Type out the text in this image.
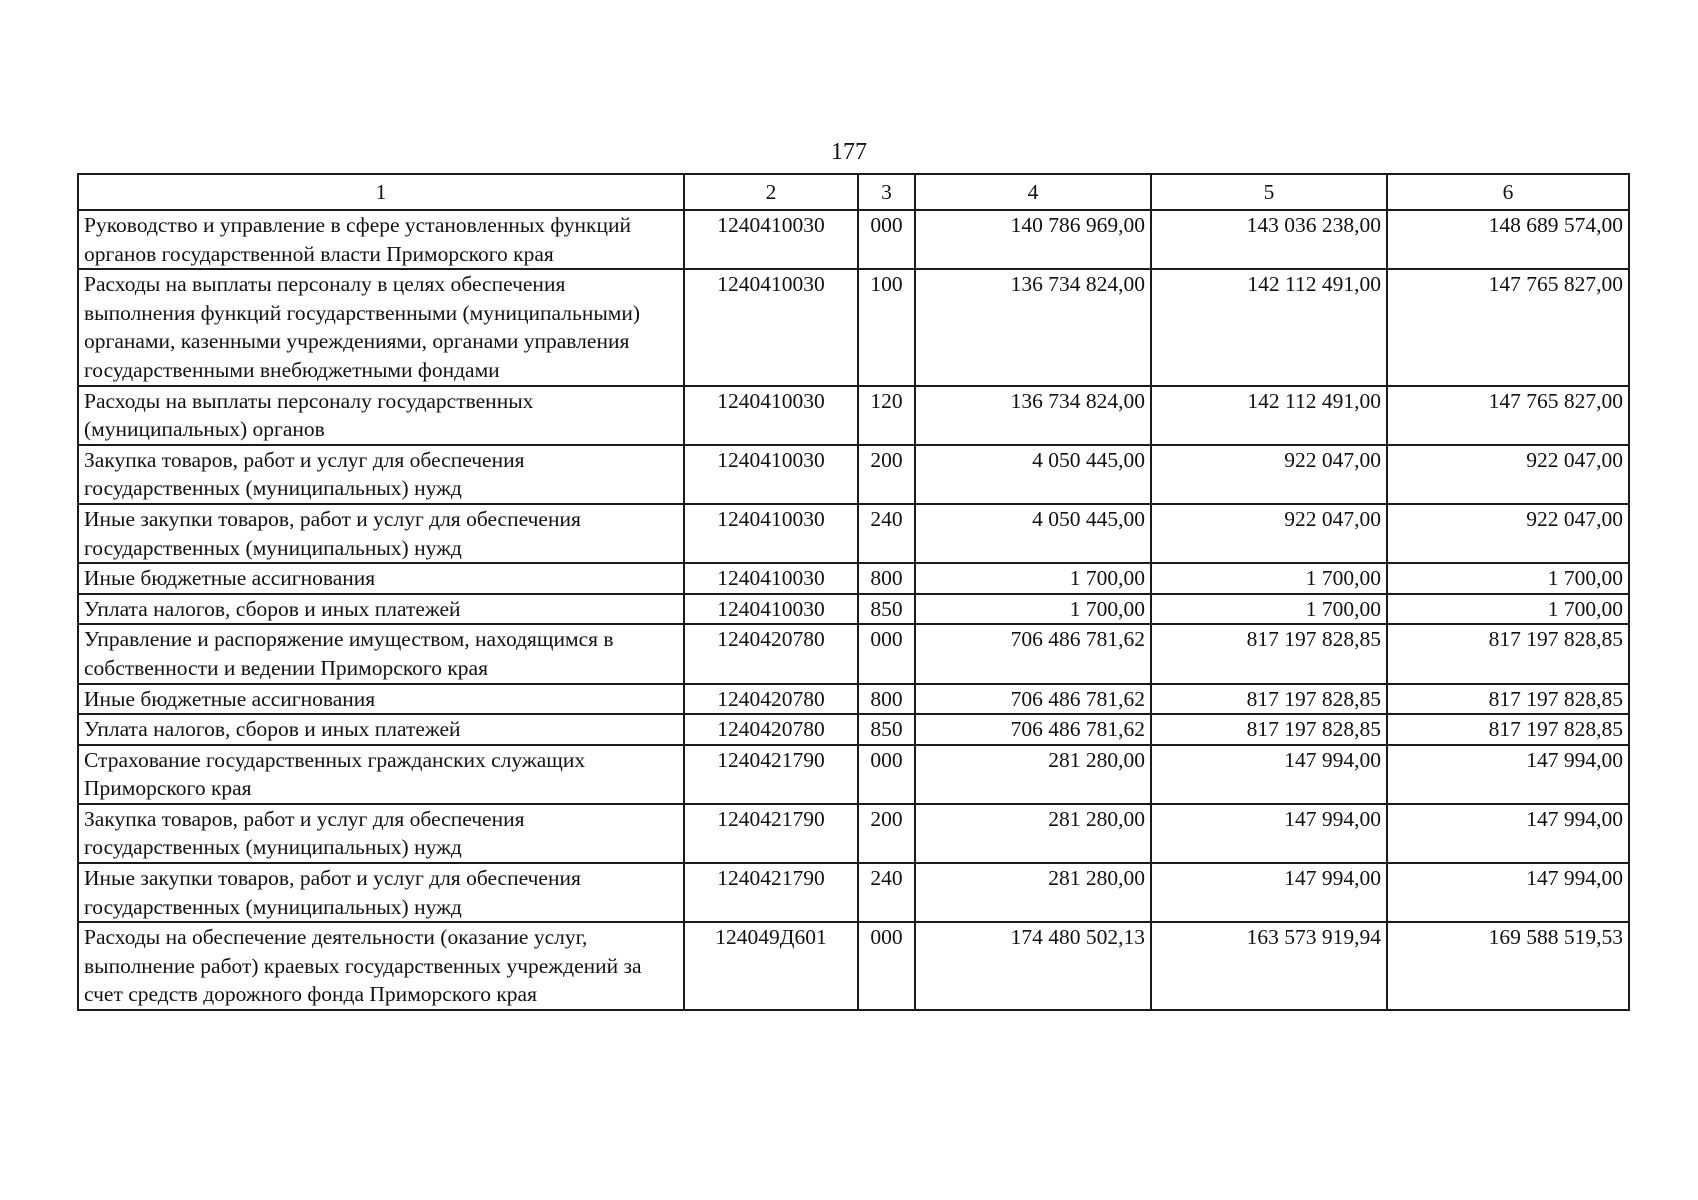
177
1	2	3	4	5	6
Руководство и управление в сфере установленных функций органов государственной власти Приморского края	1240410030	000	140 786 969,00	143 036 238,00	148 689 574,00
Расходы на выплаты персоналу в целях обеспечения выполнения функций государственными (муниципальными) органами, казенными учреждениями, органами управления государственными внебюджетными фондами	1240410030	100	136 734 824,00	142 112 491,00	147 765 827,00
Расходы на выплаты персоналу государственных (муниципальных) органов	1240410030	120	136 734 824,00	142 112 491,00	147 765 827,00
Закупка товаров, работ и услуг для обеспечения государственных (муниципальных) нужд	1240410030	200	4 050 445,00	922 047,00	922 047,00
Иные закупки товаров, работ и услуг для обеспечения государственных (муниципальных) нужд	1240410030	240	4 050 445,00	922 047,00	922 047,00
Иные бюджетные ассигнования	1240410030	800	1 700,00	1 700,00	1 700,00
Уплата налогов, сборов и иных платежей	1240410030	850	1 700,00	1 700,00	1 700,00
Управление и распоряжение имуществом, находящимся в собственности и ведении Приморского края	1240420780	000	706 486 781,62	817 197 828,85	817 197 828,85
Иные бюджетные ассигнования	1240420780	800	706 486 781,62	817 197 828,85	817 197 828,85
Уплата налогов, сборов и иных платежей	1240420780	850	706 486 781,62	817 197 828,85	817 197 828,85
Страхование государственных гражданских служащих Приморского края	1240421790	000	281 280,00	147 994,00	147 994,00
Закупка товаров, работ и услуг для обеспечения государственных (муниципальных) нужд	1240421790	200	281 280,00	147 994,00	147 994,00
Иные закупки товаров, работ и услуг для обеспечения государственных (муниципальных) нужд	1240421790	240	281 280,00	147 994,00	147 994,00
Расходы на обеспечение деятельности (оказание услуг, выполнение работ) краевых государственных учреждений за счет средств дорожного фонда Приморского края	124049Д601	000	174 480 502,13	163 573 919,94	169 588 519,53
